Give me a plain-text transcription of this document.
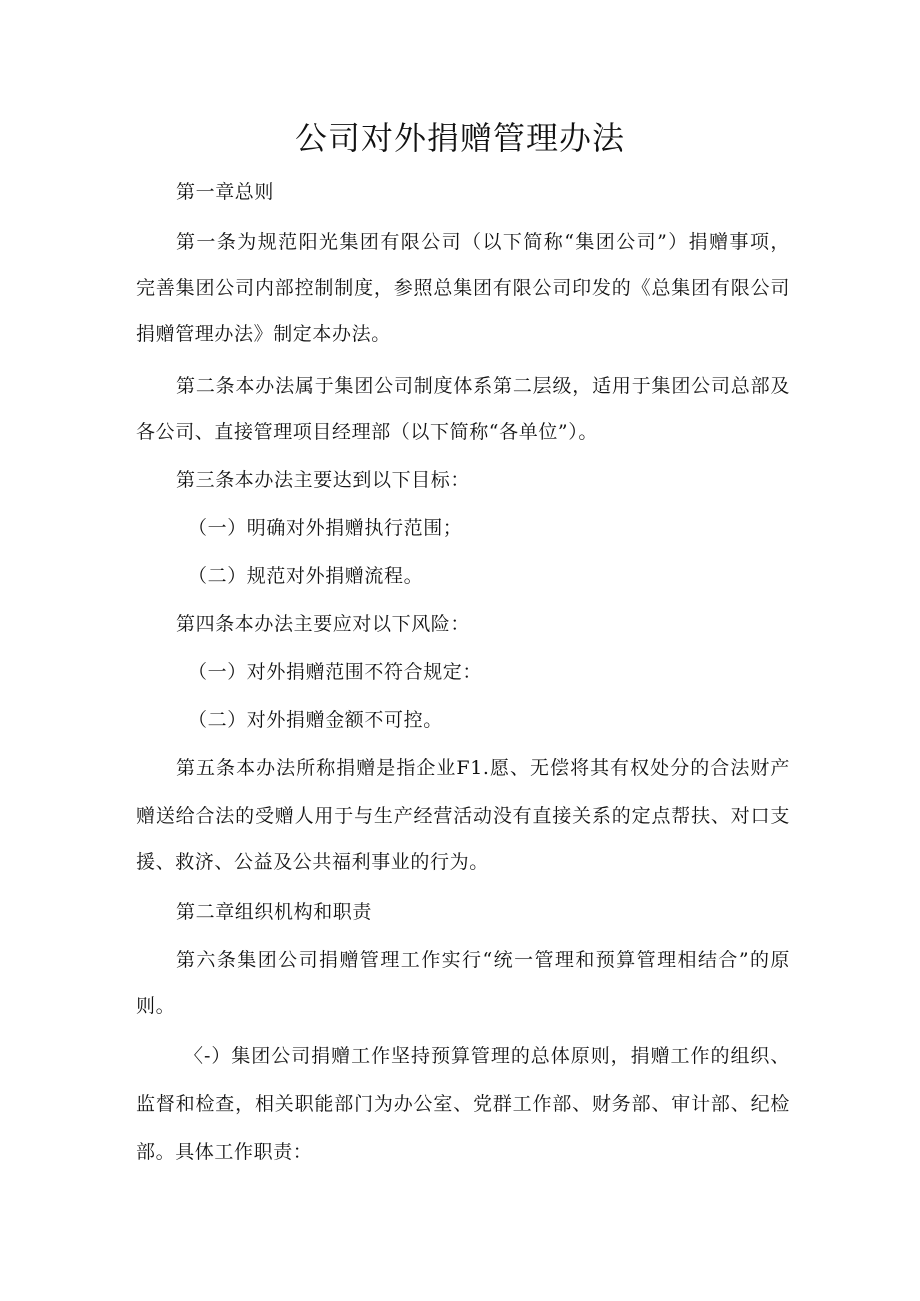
公司对外捐赠管理办法
第一章总则
第一条为规范阳光集团有限公司（以下简称“集团公司”）捐赠事项，
完善集团公司内部控制制度，参照总集团有限公司印发的《总集团有限公司
捐赠管理办法》制定本办法。
第二条本办法属于集团公司制度体系第二层级，适用于集团公司总部及
各公司、直接管理项目经理部（以下简称“各单位”）。
第三条本办法主要达到以下目标：
（一）明确对外捐赠执行范围；
（二）规范对外捐赠流程。
第四条本办法主要应对以下风险：
（一）对外捐赠范围不符合规定：
（二）对外捐赠金额不可控。
第五条本办法所称捐赠是指企业F1.愿、无偿将其有权处分的合法财产
赠送给合法的受赠人用于与生产经营活动没有直接关系的定点帮扶、对口支
援、救济、公益及公共福利事业的行为。
第二章组织机构和职责
第六条集团公司捐赠管理工作实行“统一管理和预算管理相结合”的原
则。
〈-）集团公司捐赠工作坚持预算管理的总体原则，捐赠工作的组织、
监督和检查，相关职能部门为办公室、党群工作部、财务部、审计部、纪检
部。具体工作职责：
